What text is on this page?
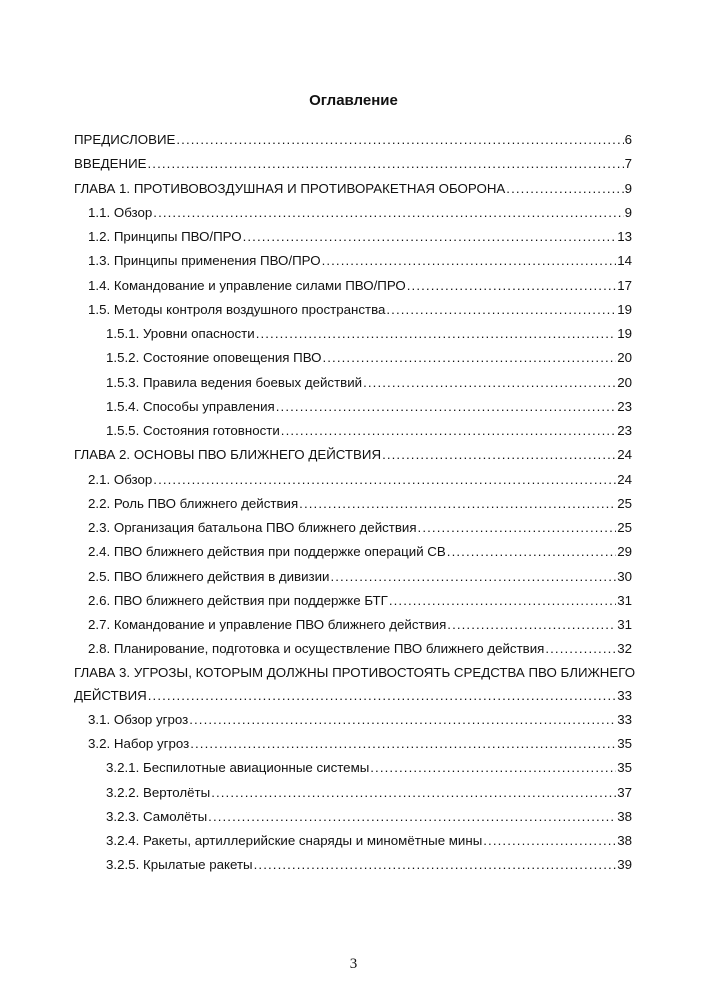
Оглавление
ПРЕДИСЛОВИЕ . . .	6
ВВЕДЕНИЕ . . .	7
ГЛАВА 1. ПРОТИВОВОЗДУШНАЯ И ПРОТИВОРАКЕТНАЯ ОБОРОНА . . .	9
1.1. Обзор . . .	9
1.2. Принципы ПВО/ПРО . . .	13
1.3. Принципы применения ПВО/ПРО . . .	14
1.4. Командование и управление силами ПВО/ПРО . . .	17
1.5. Методы контроля воздушного пространства . . .	19
1.5.1. Уровни опасности . . .	19
1.5.2. Состояние оповещения ПВО . . .	20
1.5.3. Правила ведения боевых действий . . .	20
1.5.4. Способы управления . . .	23
1.5.5. Состояния готовности . . .	23
ГЛАВА 2. ОСНОВЫ ПВО БЛИЖНЕГО ДЕЙСТВИЯ . . .	24
2.1. Обзор . . .	24
2.2. Роль ПВО ближнего действия . . .	25
2.3. Организация батальона ПВО ближнего действия . . .	25
2.4. ПВО ближнего действия при поддержке операций СВ . . .	29
2.5. ПВО ближнего действия в дивизии . . .	30
2.6. ПВО ближнего действия при поддержке БТГ . . .	31
2.7. Командование и управление ПВО ближнего действия . . .	31
2.8. Планирование, подготовка и осуществление ПВО ближнего действия . . .	32
ГЛАВА 3. УГРОЗЫ, КОТОРЫМ ДОЛЖНЫ ПРОТИВОСТОЯТЬ СРЕДСТВА ПВО БЛИЖНЕГО
ДЕЙСТВИЯ . . .	33
3.1. Обзор угроз . . .	33
3.2. Набор угроз . . .	35
3.2.1. Беспилотные авиационные системы . . .	35
3.2.2. Вертолёты . . .	37
3.2.3. Самолёты . . .	38
3.2.4. Ракеты, артиллерийские снаряды и миномётные мины . . .	38
3.2.5. Крылатые ракеты . . .	39
3
